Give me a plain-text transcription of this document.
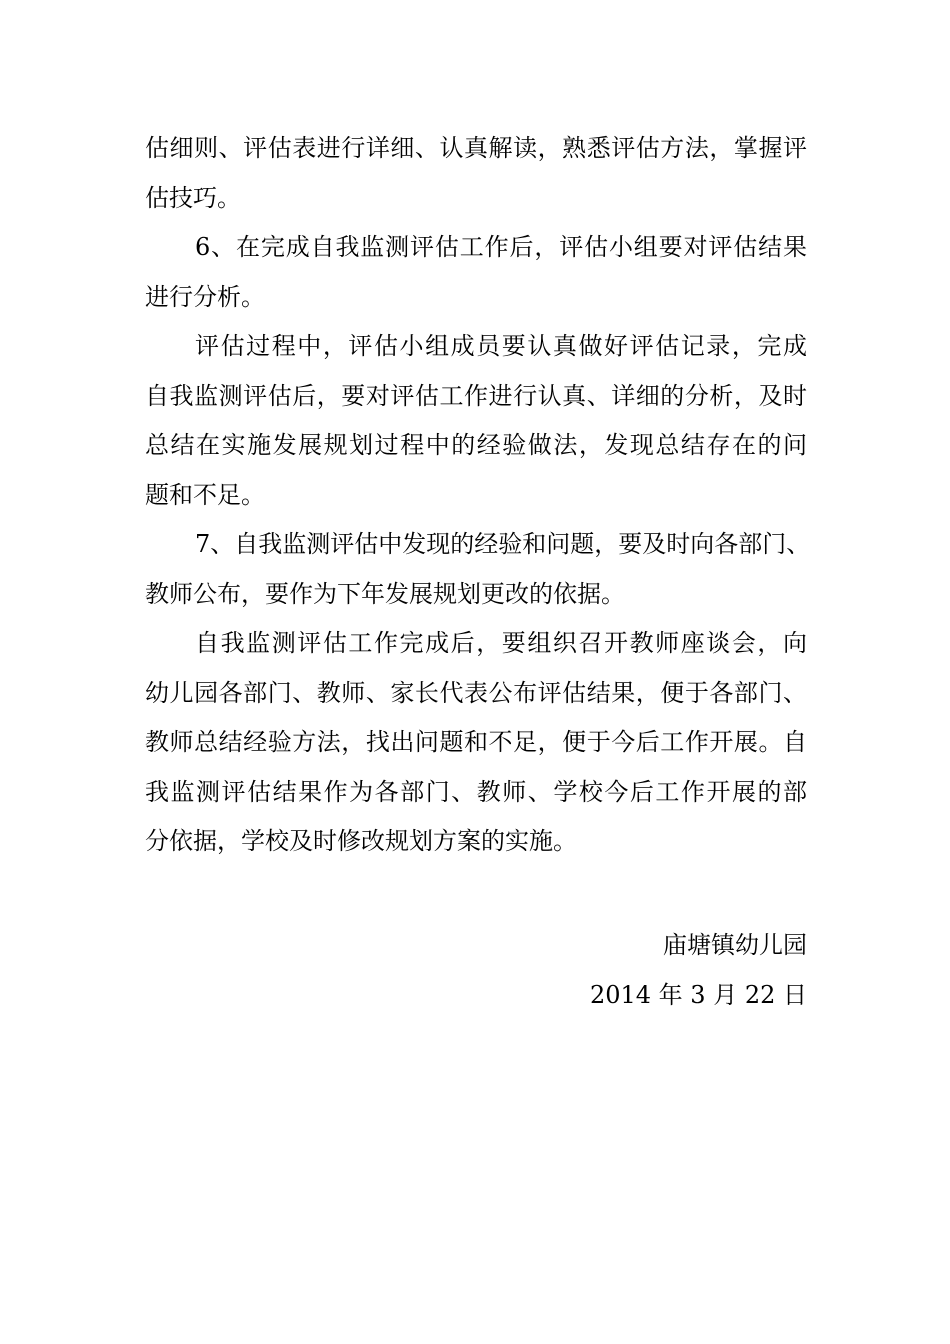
估细则、评估表进行详细、认真解读，熟悉评估方法，掌握评
估技巧。
6、在完成自我监测评估工作后，评估小组要对评估结果
进行分析。
评估过程中，评估小组成员要认真做好评估记录，完成
自我监测评估后，要对评估工作进行认真、详细的分析，及时
总结在实施发展规划过程中的经验做法，发现总结存在的问
题和不足。
7、自我监测评估中发现的经验和问题，要及时向各部门、
教师公布，要作为下年发展规划更改的依据。
自我监测评估工作完成后，要组织召开教师座谈会，向
幼儿园各部门、教师、家长代表公布评估结果，便于各部门、
教师总结经验方法，找出问题和不足，便于今后工作开展。自
我监测评估结果作为各部门、教师、学校今后工作开展的部
分依据，学校及时修改规划方案的实施。
庙塘镇幼儿园
2014 年 3 月 22 日
